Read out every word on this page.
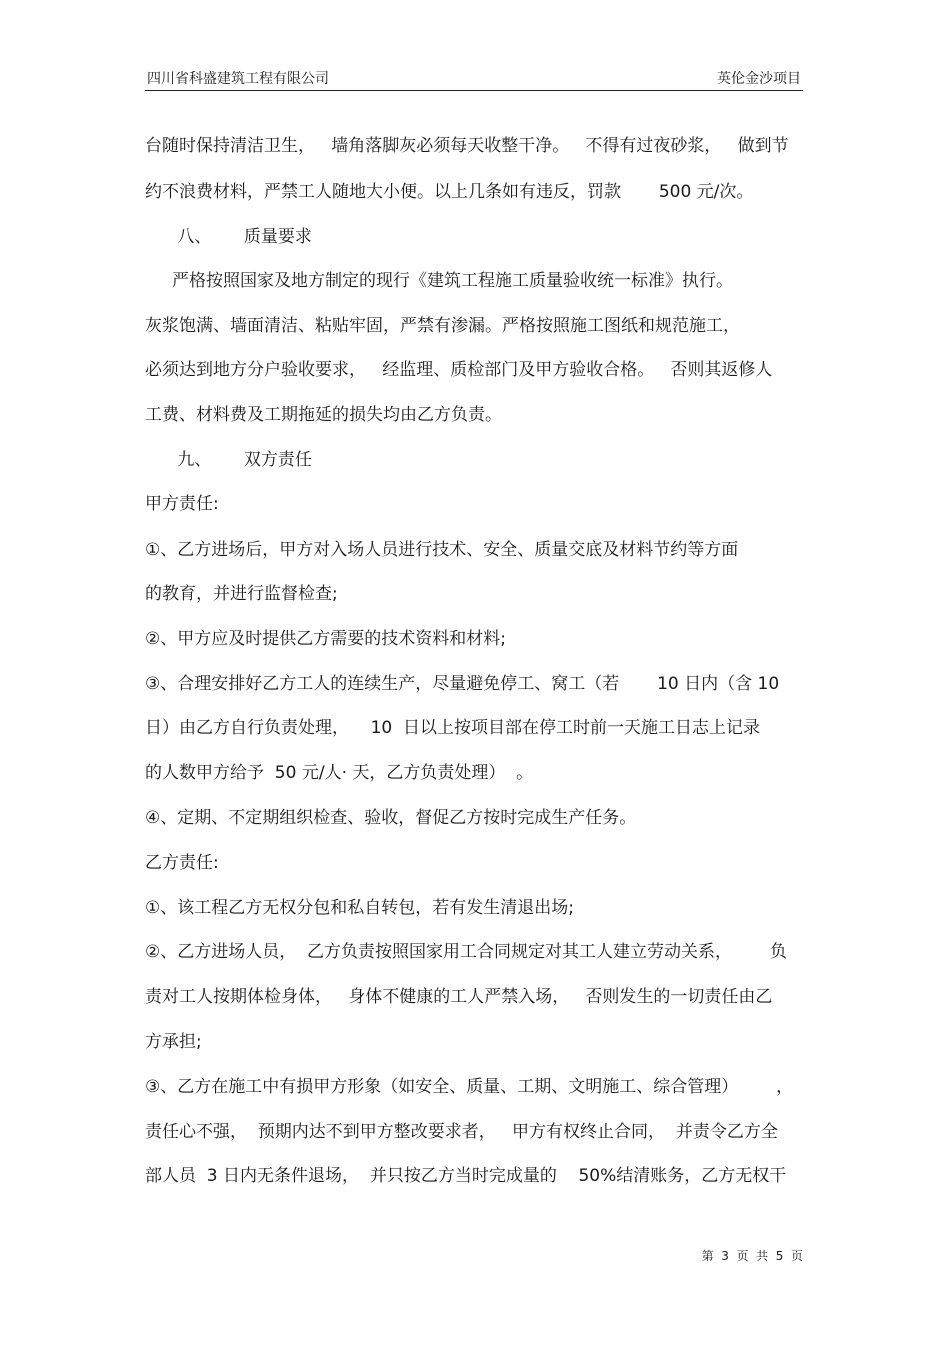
四川省科盛建筑工程有限公司	英伦金沙项目
台随时保持清洁卫生，   墙角落脚灰必须每天收整干净。   不得有过夜砂浆，   做到节
约不浪费材料，严禁工人随地大小便。以上几条如有违反，罚款       500 元/次。
八、      质量要求
严格按照国家及地方制定的现行《建筑工程施工质量验收统一标准》执行。
灰浆饱满、墙面清洁、粘贴牢固，严禁有渗漏。严格按照施工图纸和规范施工，
必须达到地方分户验收要求，   经监理、质检部门及甲方验收合格。   否则其返修人
工费、材料费及工期拖延的损失均由乙方负责。
九、      双方责任
甲方责任:
①、乙方进场后，甲方对入场人员进行技术、安全、质量交底及材料节约等方面
的教育，并进行监督检查;
②、甲方应及时提供乙方需要的技术资料和材料;
③、合理安排好乙方工人的连续生产，尽量避免停工、窝工（若       10 日内（含 10
日）由乙方自行负责处理，    10  日以上按项目部在停工时前一天施工日志上记录
的人数甲方给予  50 元/人· 天，乙方负责处理）  。
④、定期、不定期组织检查、验收，督促乙方按时完成生产任务。
乙方责任:
①、该工程乙方无权分包和私自转包，若有发生清退出场;
②、乙方进场人员，  乙方负责按照国家用工合同规定对其工人建立劳动关系，       负
责对工人按期体检身体，   身体不健康的工人严禁入场，   否则发生的一切责任由乙
方承担;
③、乙方在施工中有损甲方形象（如安全、质量、工期、文明施工、综合管理）       ，
责任心不强，  预期内达不到甲方整改要求者，   甲方有权终止合同，  并责令乙方全
部人员  3 日内无条件退场，  并只按乙方当时完成量的    50%结清账务，乙方无权干
第  3  页  共  5  页
